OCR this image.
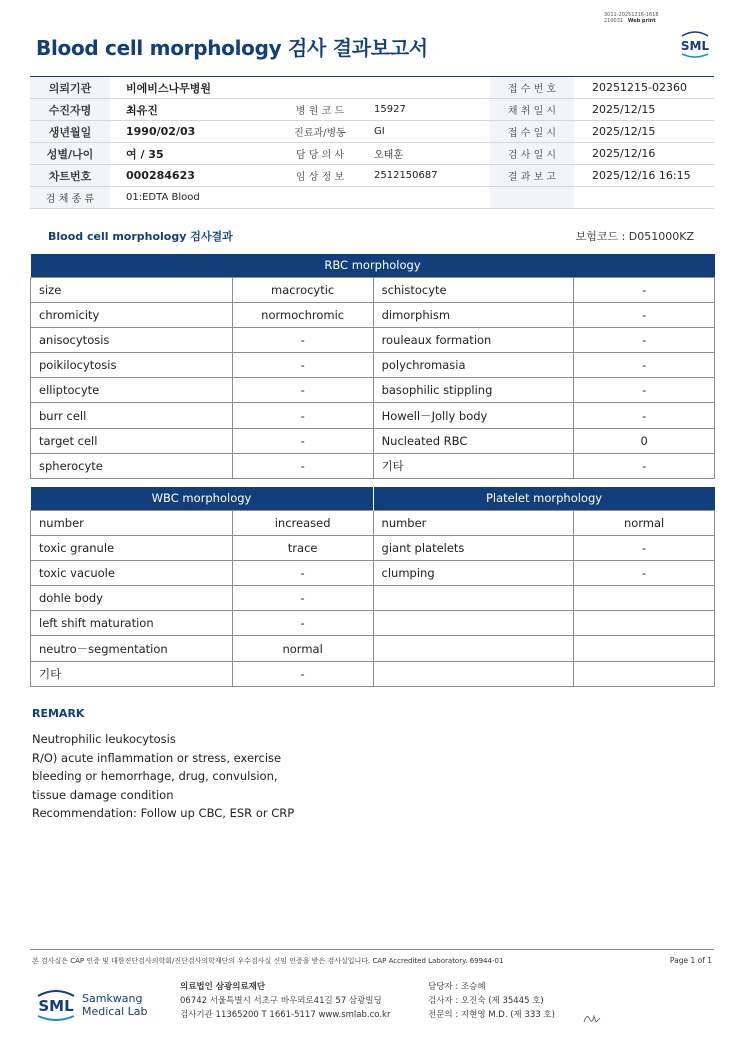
3011-20251216-1618
210031 Web print
Blood cell morphology 검사 결과보고서	SML
의뢰기관	비에비스나무병원	접 수 번 호	20251215-02360
수진자명	최유진	병 원 코 드	15927	채 취 일 시	2025/12/15
생년월일	1990/02/03	진료과/병동	GI	접 수 일 시	2025/12/15
성별/나이	여 / 35	담 당 의 사	오태훈	검 사 일 시	2025/12/16
차트번호	000284623	임 상 정 보	2512150687	결 과 보 고	2025/12/16 16:15
검 체 종 류	01:EDTA Blood
Blood cell morphology 검사결과	보험코드 : D051000KZ
RBC morphology			
size	macrocytic	schistocyte	-
chromicity	normochromic	dimorphism	-
anisocytosis	-	rouleaux formation	-
poikilocytosis	-	polychromasia	-
elliptocyte	-	basophilic stippling	-
burr cell	-	Howell－Jolly body	-
target cell	-	Nucleated RBC	0
spherocyte	-	기타	-
WBC morphology		Platelet morphology	
number	increased	number	normal
toxic granule	trace	giant platelets	-
toxic vacuole	-	clumping	-
dohle body	-		
left shift maturation	-		
neutro－segmentation	normal		
기타	-		
REMARK
Neutrophilic leukocytosis
R/O) acute inflammation or stress, exercise
bleeding or hemorrhage, drug, convulsion,
tissue damage condition
Recommendation: Follow up CBC, ESR or CRP
본 검사실은 CAP 인증 및 대한진단검사의학회/진단검사의학재단의 우수검사실 신임 인증을 받은 검사실입니다. CAP Accredited Laboratory. 69944-01	Page 1 of 1
SML Samkwang
Medical Lab
의료법인 삼광의료재단
06742 서울특별시 서초구 바우뫼로41길 57 삼광빌딩
검사기관 11365200 T 1661-5117 www.smlab.co.kr
담당자 : 조승혜
검사자 : 오진숙 (제 35445 호)
전문의 : 지현영 M.D. (제 333 호)
